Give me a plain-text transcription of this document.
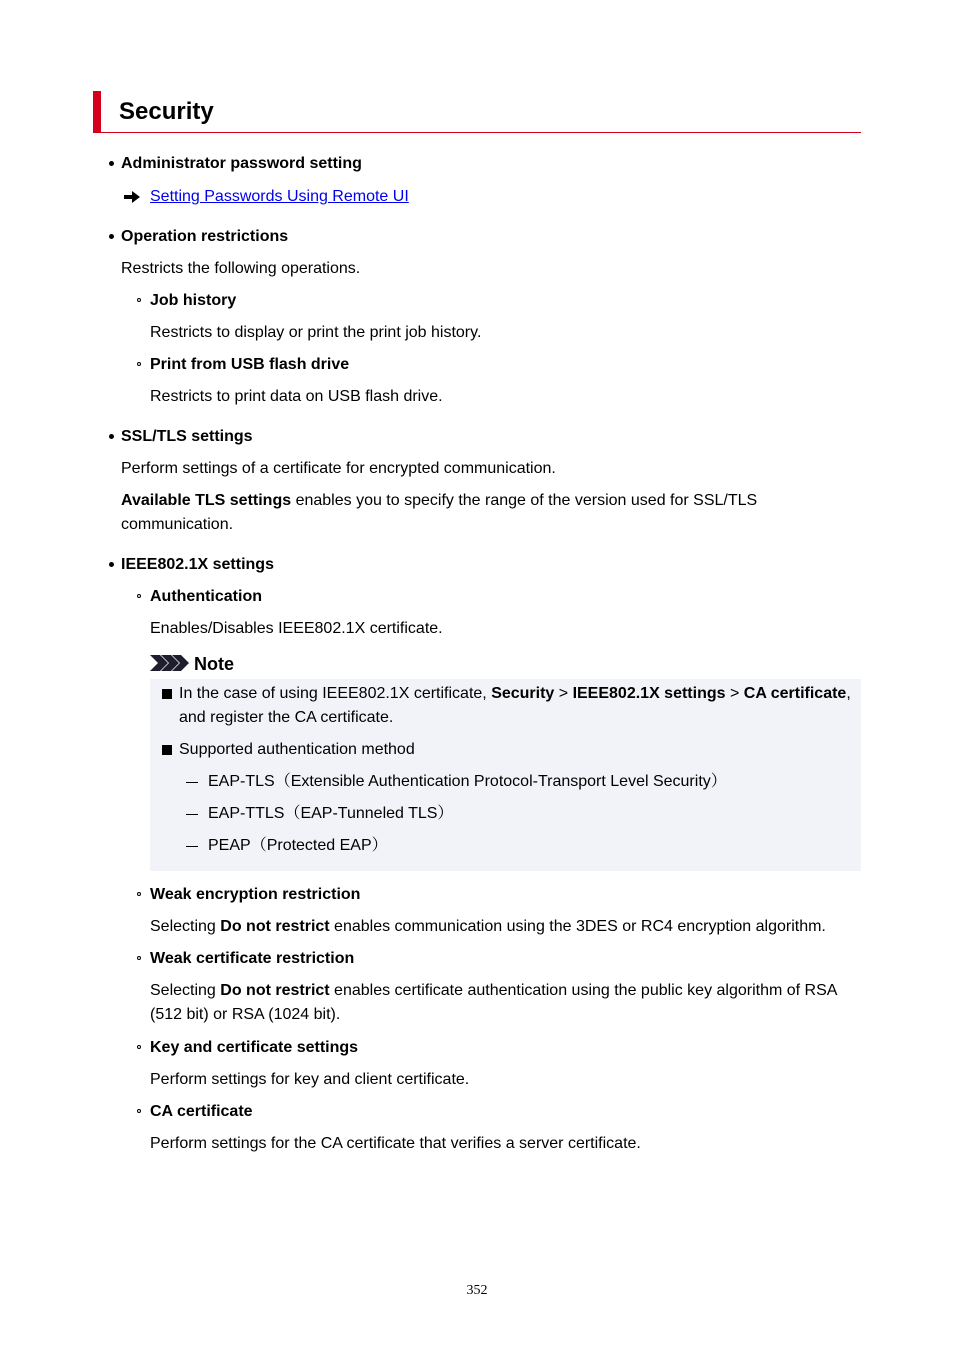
Security
Administrator password setting
Setting Passwords Using Remote UI
Operation restrictions
Restricts the following operations.
Job history
Restricts to display or print the print job history.
Print from USB flash drive
Restricts to print data on USB flash drive.
SSL/TLS settings
Perform settings of a certificate for encrypted communication.
Available TLS settings enables you to specify the range of the version used for SSL/TLS
communication.
IEEE802.1X settings
Authentication
Enables/Disables IEEE802.1X certificate.
Note
In the case of using IEEE802.1X certificate, Security > IEEE802.1X settings > CA certificate,
and register the CA certificate.
Supported authentication method
EAP-TLS（Extensible Authentication Protocol-Transport Level Security）
EAP-TTLS（EAP-Tunneled TLS）
PEAP（Protected EAP）
Weak encryption restriction
Selecting Do not restrict enables communication using the 3DES or RC4 encryption algorithm.
Weak certificate restriction
Selecting Do not restrict enables certificate authentication using the public key algorithm of RSA
(512 bit) or RSA (1024 bit).
Key and certificate settings
Perform settings for key and client certificate.
CA certificate
Perform settings for the CA certificate that verifies a server certificate.
352
